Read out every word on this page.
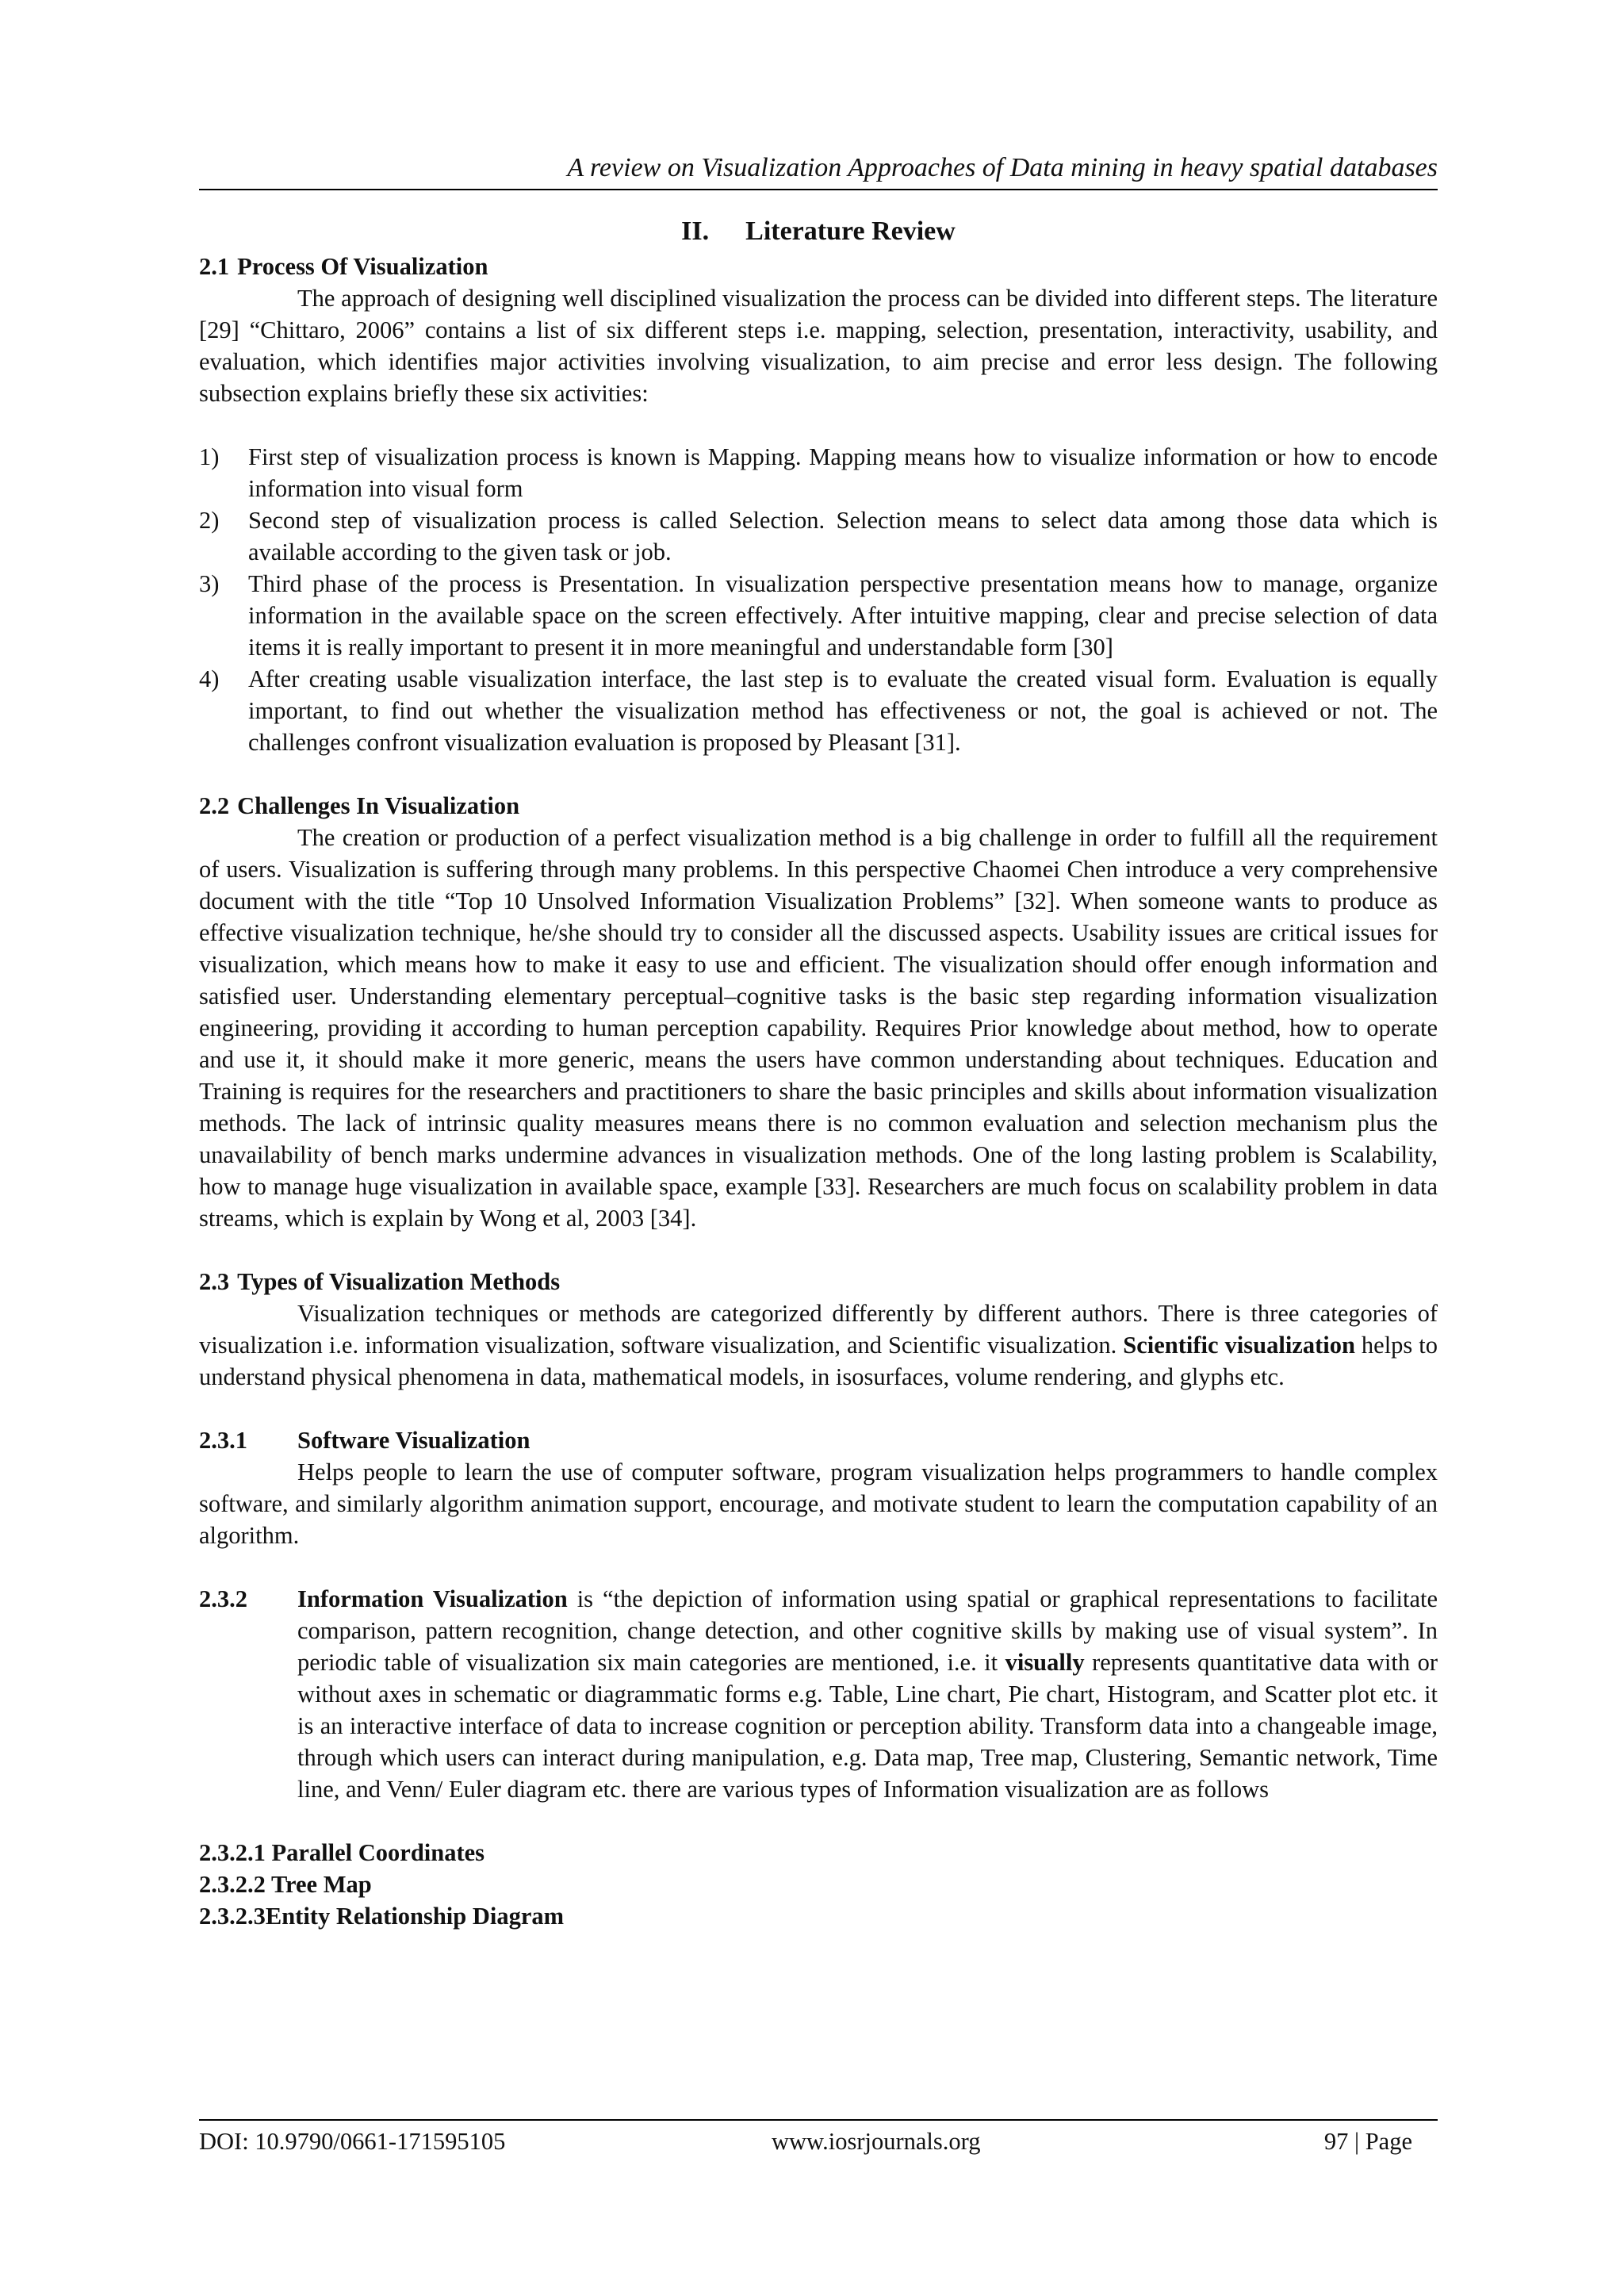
A review on Visualization Approaches of Data mining in heavy spatial databases
II. Literature Review
2.1 Process Of Visualization

The approach of designing well disciplined visualization the process can be divided into different steps. The literature [29] “Chittaro, 2006” contains a list of six different steps i.e. mapping, selection, presentation, interactivity, usability, and evaluation, which identifies major activities involving visualization, to aim precise and error less design. The following subsection explains briefly these six activities:

1) First step of visualization process is known is Mapping. Mapping means how to visualize information or how to encode information into visual form
2) Second step of visualization process is called Selection. Selection means to select data among those data which is available according to the given task or job.
3) Third phase of the process is Presentation. In visualization perspective presentation means how to manage, organize information in the available space on the screen effectively. After intuitive mapping, clear and precise selection of data items it is really important to present it in more meaningful and understandable form [30]
4) After creating usable visualization interface, the last step is to evaluate the created visual form. Evaluation is equally important, to find out whether the visualization method has effectiveness or not, the goal is achieved or not. The challenges confront visualization evaluation is proposed by Pleasant [31].
2.2 Challenges In Visualization

The creation or production of a perfect visualization method is a big challenge in order to fulfill all the requirement of users. Visualization is suffering through many problems. In this perspective Chaomei Chen introduce a very comprehensive document with the title “Top 10 Unsolved Information Visualization Problems” [32]. When someone wants to produce as effective visualization technique, he/she should try to consider all the discussed aspects. Usability issues are critical issues for visualization, which means how to make it easy to use and efficient. The visualization should offer enough information and satisfied user. Understanding elementary perceptual–cognitive tasks is the basic step regarding information visualization engineering, providing it according to human perception capability. Requires Prior knowledge about method, how to operate and use it, it should make it more generic, means the users have common understanding about techniques. Education and Training is requires for the researchers and practitioners to share the basic principles and skills about information visualization methods. The lack of intrinsic quality measures means there is no common evaluation and selection mechanism plus the unavailability of bench marks undermine advances in visualization methods. One of the long lasting problem is Scalability, how to manage huge visualization in available space, example [33]. Researchers are much focus on scalability problem in data streams, which is explain by Wong et al, 2003 [34].

2.3 Types of Visualization Methods

Visualization techniques or methods are categorized differently by different authors. There is three categories of visualization i.e. information visualization, software visualization, and Scientific visualization. Scientific visualization helps to understand physical phenomena in data, mathematical models, in isosurfaces, volume rendering, and glyphs etc.

2.3.1 Software Visualization

Helps people to learn the use of computer software, program visualization helps programmers to handle complex software, and similarly algorithm animation support, encourage, and motivate student to learn the computation capability of an algorithm.

2.3.2 Information Visualization is “the depiction of information using spatial or graphical representations to facilitate comparison, pattern recognition, change detection, and other cognitive skills by making use of visual system”. In periodic table of visualization six main categories are mentioned, i.e. it visually represents quantitative data with or without axes in schematic or diagrammatic forms e.g. Table, Line chart, Pie chart, Histogram, and Scatter plot etc. it is an interactive interface of data to increase cognition or perception ability. Transform data into a changeable image, through which users can interact during manipulation, e.g. Data map, Tree map, Clustering, Semantic network, Time line, and Venn/ Euler diagram etc. there are various types of Information visualization are as follows

2.3.2.1 Parallel Coordinates

2.3.2.2 Tree Map

2.3.2.3Entity Relationship Diagram

DOI: 10.9790/0661-171595105	www.iosrjournals.org	97 | Page
